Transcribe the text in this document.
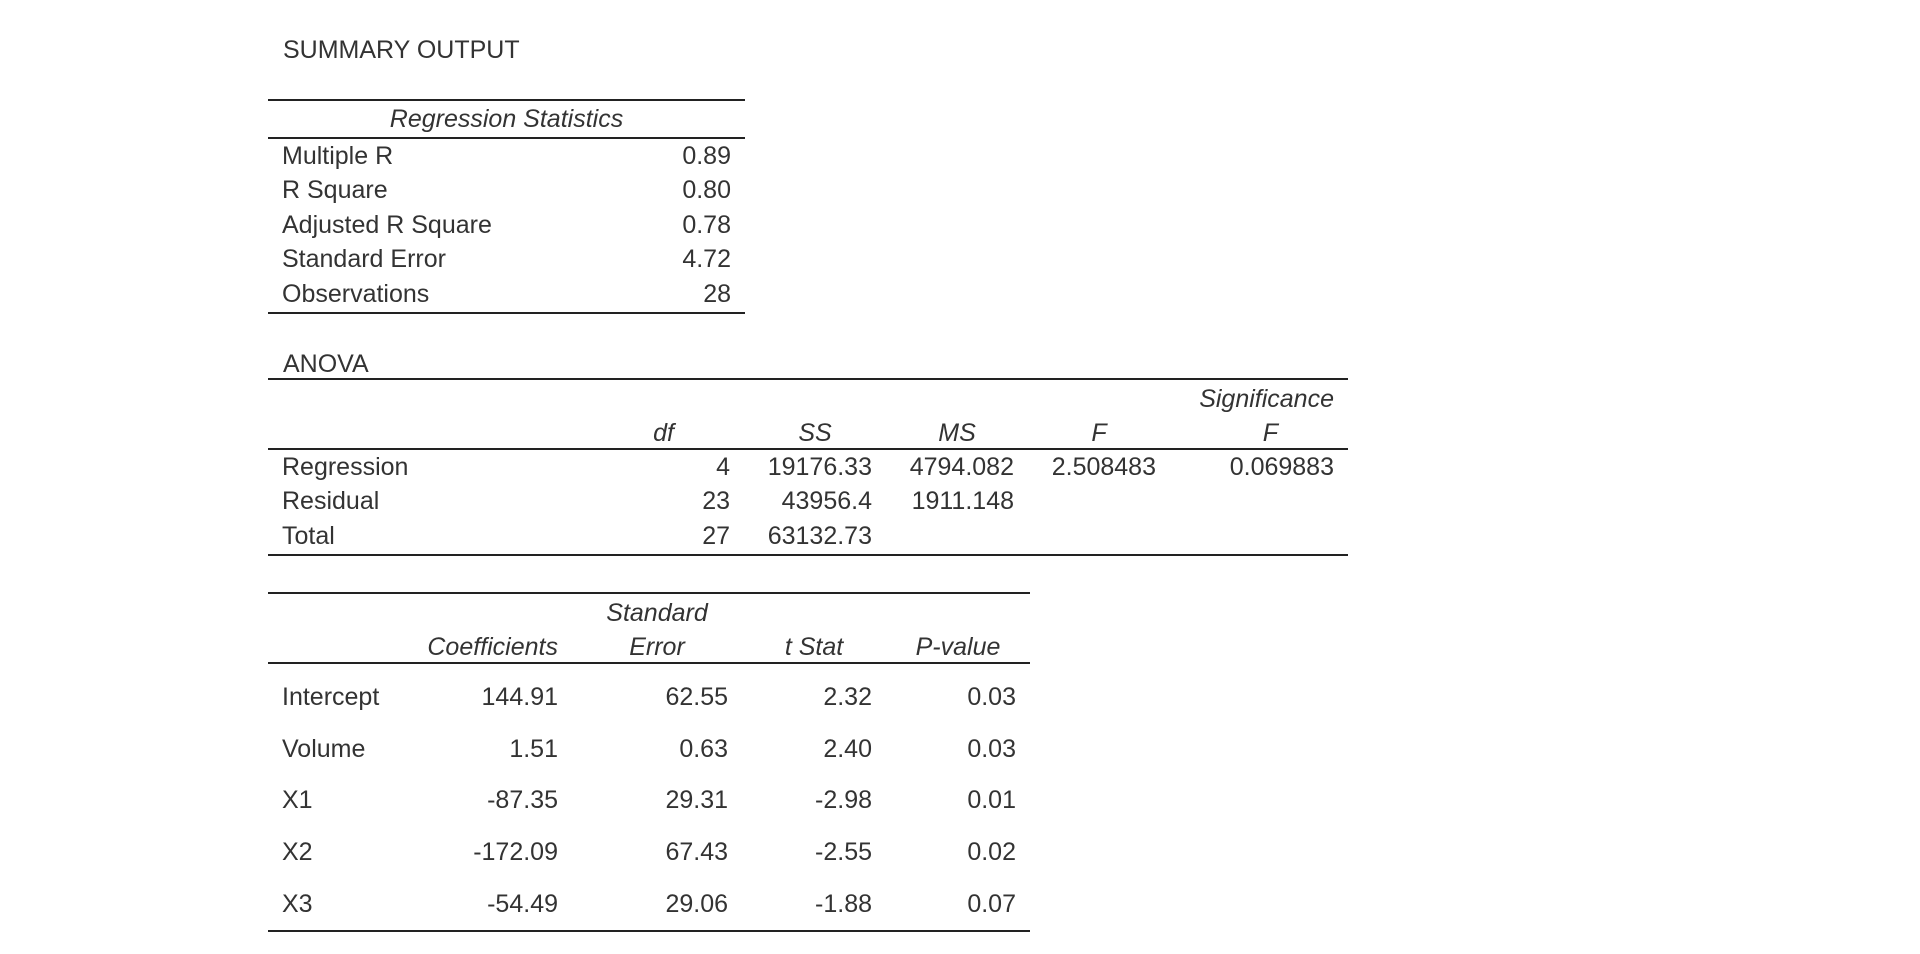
SUMMARY OUTPUT
Regression Statistics	
Multiple R	0.89
R Square	0.80
Adjusted R Square	0.78
Standard Error	4.72
Observations	28
ANOVA
					Significance
	df	SS	MS	F	F
Regression	4	19176.33	4794.082	2.508483	0.069883
Residual	23	43956.4	1911.148		
Total	27	63132.73			
		Standard		
	Coefficients	Error	t Stat	P-value
Intercept	144.91	62.55	2.32	0.03
Volume	1.51	0.63	2.40	0.03
X1	-87.35	29.31	-2.98	0.01
X2	-172.09	67.43	-2.55	0.02
X3	-54.49	29.06	-1.88	0.07
